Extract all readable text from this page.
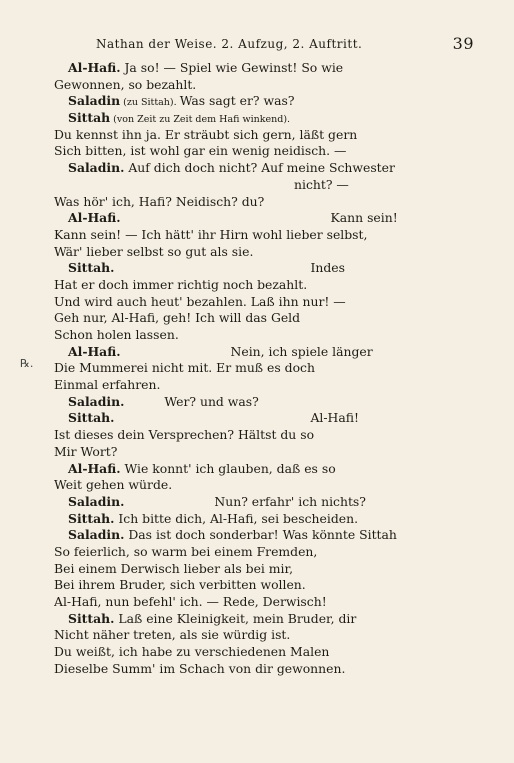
Nathan der Weise. 2. Aufzug, 2. Auftritt.	39
℞.
Al-Hafi. Ja so! — Spiel wie Gewinst! So wie
Gewonnen, so bezahlt.
Saladin (zu Sittah). Was sagt er? was?
Sittah (von Zeit zu Zeit dem Hafi winkend).
Du kennst ihn ja. Er sträubt sich gern, läßt gern
Sich bitten, ist wohl gar ein wenig neidisch. —
Saladin. Auf dich doch nicht? Auf meine Schwester
nicht? —
Was hör' ich, Hafi? Neidisch? du?
Al-Hafi.	Kann sein!
Kann sein! — Ich hätt' ihr Hirn wohl lieber selbst,
Wär' lieber selbst so gut als sie.
Sittah.	Indes
Hat er doch immer richtig noch bezahlt.
Und wird auch heut' bezahlen. Laß ihn nur! —
Geh nur, Al-Hafi, geh! Ich will das Geld
Schon holen lassen.
Al-Hafi.	Nein, ich spiele länger
Die Mummerei nicht mit. Er muß es doch
Einmal erfahren.
Saladin.	Wer? und was?
Sittah.	Al-Hafi!
Ist dieses dein Versprechen? Hältst du so
Mir Wort?
Al-Hafi. Wie konnt' ich glauben, daß es so
Weit gehen würde.
Saladin.	Nun? erfahr' ich nichts?
Sittah. Ich bitte dich, Al-Hafi, sei bescheiden.
Saladin. Das ist doch sonderbar! Was könnte Sittah
So feierlich, so warm bei einem Fremden,
Bei einem Derwisch lieber als bei mir,
Bei ihrem Bruder, sich verbitten wollen.
Al-Hafi, nun befehl' ich. — Rede, Derwisch!
Sittah. Laß eine Kleinigkeit, mein Bruder, dir
Nicht näher treten, als sie würdig ist.
Du weißt, ich habe zu verschiedenen Malen
Dieselbe Summ' im Schach von dir gewonnen.
